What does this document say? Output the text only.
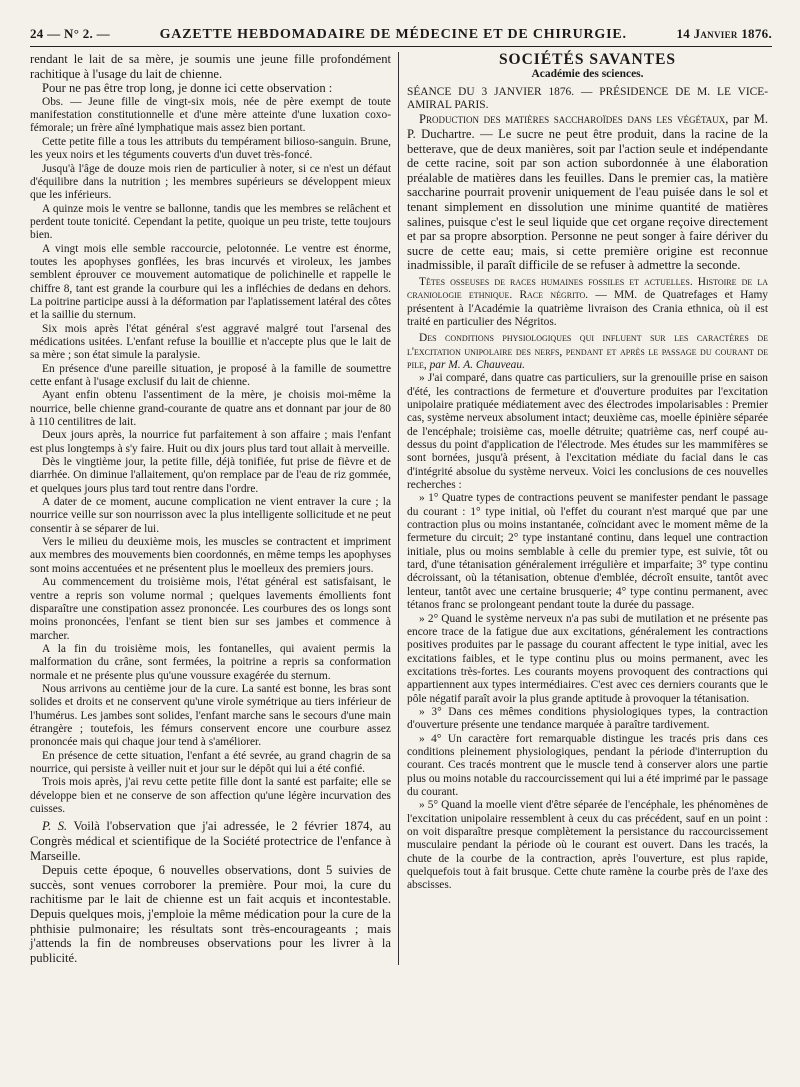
24 — N° 2. —	GAZETTE HEBDOMADAIRE DE MÉDECINE ET DE CHIRURGIE.	14 Janvier 1876.

rendant le lait de sa mère, je soumis une jeune fille profondément rachitique à l'usage du lait de chienne.

Pour ne pas être trop long, je donne ici cette observation :

Obs. — Jeune fille de vingt-six mois, née de père exempt de toute manifestation constitutionnelle et d'une mère atteinte d'une luxation coxo-fémorale; un frère aîné lymphatique mais assez bien portant.

Cette petite fille a tous les attributs du tempérament bilioso-sanguin. Brune, les yeux noirs et les téguments couverts d'un duvet très-foncé.

Jusqu'à l'âge de douze mois rien de particulier à noter, si ce n'est un défaut d'équilibre dans la nutrition ; les membres supérieurs se développent mieux que les inférieurs.

A quinze mois le ventre se ballonne, tandis que les membres se relâchent et perdent toute tonicité. Cependant la petite, quoique un peu triste, tette toujours bien.

A vingt mois elle semble raccourcie, pelotonnée. Le ventre est énorme, toutes les apophyses gonflées, les bras incurvés et viroleux, les jambes semblent éprouver ce mouvement automatique de polichinelle et rappelle le chiffre 8, tant est grande la courbure qui les a infléchies de dedans en dehors. La poitrine participe aussi à la déformation par l'aplatissement latéral des côtes et la saillie du sternum.

Six mois après l'état général s'est aggravé malgré tout l'arsenal des médications usitées. L'enfant refuse la bouillie et n'accepte plus que le lait de sa mère ; son état simule la paralysie.

En présence d'une pareille situation, je proposé à la famille de soumettre cette enfant à l'usage exclusif du lait de chienne.

Ayant enfin obtenu l'assentiment de la mère, je choisis moi-même la nourrice, belle chienne grand-courante de quatre ans et donnant par jour de 80 à 110 centilitres de lait.

Deux jours après, la nourrice fut parfaitement à son affaire ; mais l'enfant est plus longtemps à s'y faire. Huit ou dix jours plus tard tout allait à merveille.

Dès le vingtième jour, la petite fille, déjà tonifiée, fut prise de fièvre et de diarrhée. On diminue l'allaitement, qu'on remplace par de l'eau de riz gommée, et quelques jours plus tard tout rentre dans l'ordre.

A dater de ce moment, aucune complication ne vient entraver la cure ; la nourrice veille sur son nourrisson avec la plus intelligente sollicitude et ne peut consentir à se séparer de lui.

Vers le milieu du deuxième mois, les muscles se contractent et impriment aux membres des mouvements bien coordonnés, en même temps les apophyses sont moins accentuées et ne présentent plus le moelleux des premiers jours.

Au commencement du troisième mois, l'état général est satisfaisant, le ventre a repris son volume normal ; quelques lavements émollients font disparaître une constipation assez prononcée. Les courbures des os longs sont moins prononcées, l'enfant se tient bien sur ses jambes et commence à marcher.

A la fin du troisième mois, les fontanelles, qui avaient permis la malformation du crâne, sont fermées, la poitrine a repris sa conformation normale et ne présente plus qu'une voussure exagérée du sternum.

Nous arrivons au centième jour de la cure. La santé est bonne, les bras sont solides et droits et ne conservent qu'une virole symétrique au tiers inférieur de l'humérus. Les jambes sont solides, l'enfant marche sans le secours d'une main étrangère ; toutefois, les fémurs conservent encore une courbure assez prononcée mais qui chaque jour tend à s'améliorer.

En présence de cette situation, l'enfant a été sevrée, au grand chagrin de sa nourrice, qui persiste à veiller nuit et jour sur le dépôt qui lui a été confié.

Trois mois après, j'ai revu cette petite fille dont la santé est parfaite; elle se développe bien et ne conserve de son affection qu'une légère incurvation des cuisses.

P. S. Voilà l'observation que j'ai adressée, le 2 février 1874, au Congrès médical et scientifique de la Société protectrice de l'enfance à Marseille.

Depuis cette époque, 6 nouvelles observations, dont 5 suivies de succès, sont venues corroborer la première. Pour moi, la cure du rachitisme par le lait de chienne est un fait acquis et incontestable. Depuis quelques mois, j'emploie la même médication pour la cure de la phthisie pulmonaire; les résultats sont très-encourageants ; mais j'attends la fin de nombreuses observations pour les livrer à la publicité.

SOCIÉTÉS SAVANTES
Académie des sciences.

SÉANCE DU 3 JANVIER 1876. — PRÉSIDENCE DE M. LE VICE-AMIRAL PARIS.

Production des matières saccharoïdes dans les végétaux, par M. P. Duchartre. — Le sucre ne peut être produit, dans la racine de la betterave, que de deux manières, soit par l'action seule et indépendante de cette racine, soit par son action subordonnée à une élaboration préalable de matières dans les feuilles. Dans le premier cas, la matière saccharine pourrait provenir uniquement de l'eau puisée dans le sol et tenant simplement en dissolution une minime quantité de matières salines, puisque c'est le seul liquide que cet organe reçoive directement et par sa propre absorption. Personne ne peut songer à faire dériver du sucre de cette eau; mais, si cette première origine est reconnue inadmissible, il paraît difficile de se refuser à admettre la seconde.

Têtes osseuses de races humaines fossiles et actuelles. Histoire de la craniologie ethnique. Race négrito. — MM. de Quatrefages et Hamy présentent à l'Académie la quatrième livraison des Crania ethnica, où il est traité en particulier des Négritos.

Des conditions physiologiques qui influent sur les caractères de l'excitation unipolaire des nerfs, pendant et après le passage du courant de pile, par M. A. Chauveau.

» J'ai comparé, dans quatre cas particuliers, sur la grenouille prise en saison d'été, les contractions de fermeture et d'ouverture produites par l'excitation unipolaire pratiquée médiatement avec des électrodes impolarisables : Premier cas, système nerveux absolument intact; deuxième cas, moelle épinière séparée de l'encéphale; troisième cas, moelle détruite; quatrième cas, nerf coupé au-dessus du point d'application de l'électrode. Mes études sur les mammifères se sont bornées, jusqu'à présent, à l'excitation médiate du facial dans le cas d'intégrité absolue du système nerveux. Voici les conclusions de ces nouvelles recherches :

» 1° Quatre types de contractions peuvent se manifester pendant le passage du courant : 1° type initial, où l'effet du courant n'est marqué que par une contraction plus ou moins instantanée, coïncidant avec le moment même de la fermeture du circuit; 2° type instantané continu, dans lequel une contraction initiale, plus ou moins semblable à celle du premier type, est suivie, tôt ou tard, d'une tétanisation généralement irrégulière et imparfaite; 3° type continu décroissant, où la tétanisation, obtenue d'emblée, décroît ensuite, tantôt avec lenteur, tantôt avec une certaine brusquerie; 4° type continu permanent, avec tétanos franc se prolongeant pendant toute la durée du passage.

» 2° Quand le système nerveux n'a pas subi de mutilation et ne présente pas encore trace de la fatigue due aux excitations, généralement les contractions positives produites par le passage du courant affectent le type initial, avec les excitations faibles, et le type continu plus ou moins permanent, avec les excitations très-fortes. Les courants moyens provoquent des contractions qui appartiennent aux types intermédiaires. C'est avec ces derniers courants que le pôle négatif paraît avoir la plus grande aptitude à provoquer la tétanisation.

» 3° Dans ces mêmes conditions physiologiques types, la contraction d'ouverture présente une tendance marquée à paraître tardivement.

» 4° Un caractère fort remarquable distingue les tracés pris dans ces conditions pleinement physiologiques, pendant la période d'interruption du courant. Ces tracés montrent que le muscle tend à conserver alors une partie plus ou moins notable du raccourcissement qui lui a été imprimé par le passage du courant.

» 5° Quand la moelle vient d'être séparée de l'encéphale, les phénomènes de l'excitation unipolaire ressemblent à ceux du cas précédent, sauf en un point : on voit disparaître presque complètement la persistance du raccourcissement musculaire pendant la période où le courant est ouvert. Dans les tracés, la chute de la courbe de la contraction, après l'ouverture, est plus rapide, quelquefois tout à fait brusque. Cette chute ramène la courbe près de l'axe des abscisses.
